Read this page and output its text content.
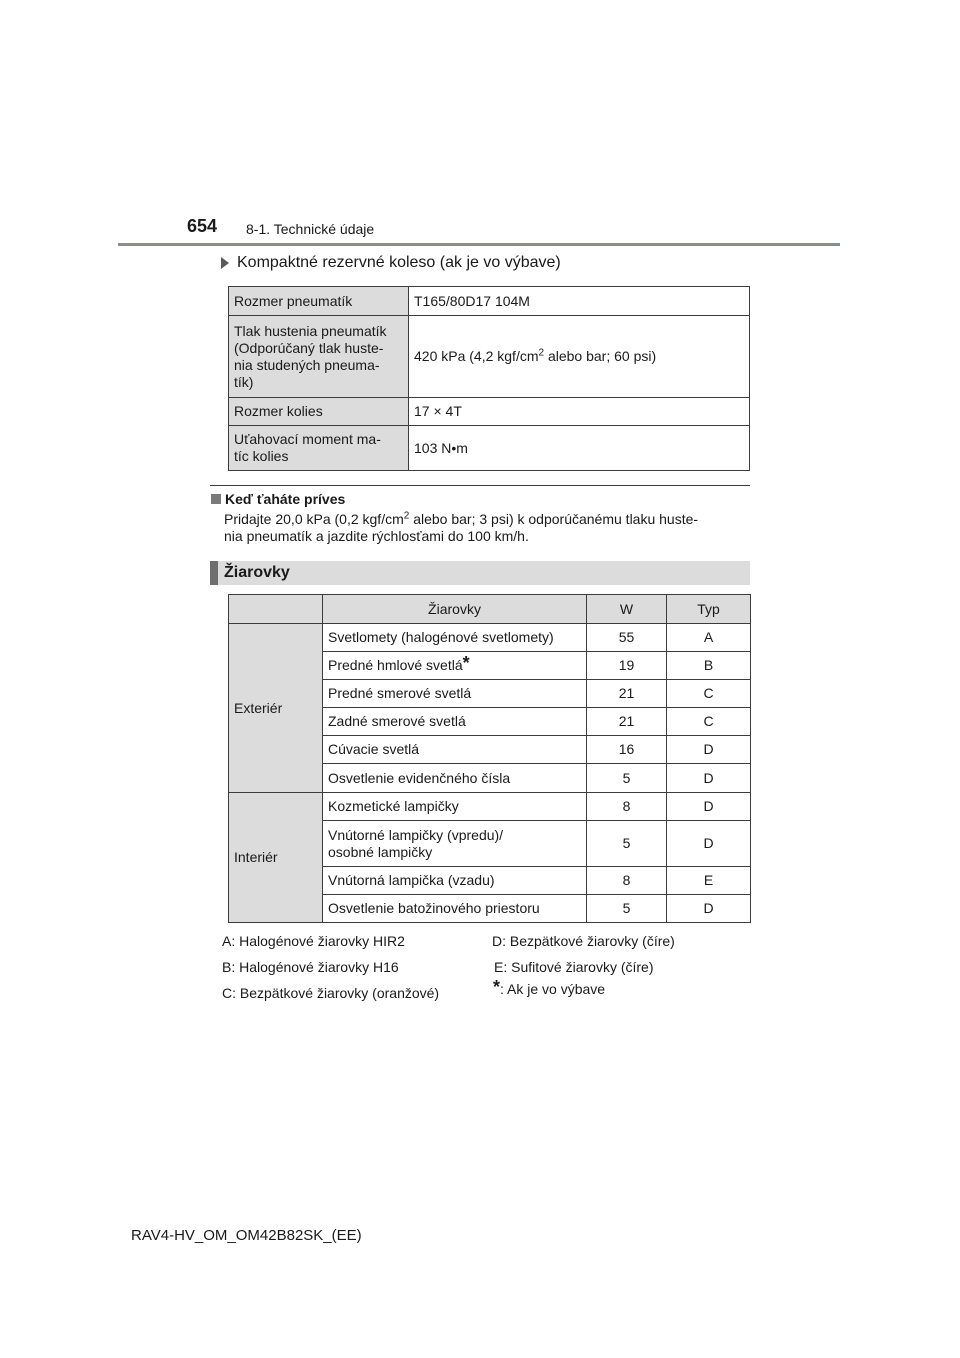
654 8-1. Technické údaje
Kompaktné rezervné koleso (ak je vo výbave)
Rozmer pneumatík	T165/80D17 104M
Tlak hustenia pneumatík
(Odporúčaný tlak huste-
nia studených pneuma-
tík)	420 kPa (4,2 kgf/$cm^2$ alebo bar; 60 psi)
Rozmer kolies	17 × 4T
Uťahovací moment ma-
tíc kolies	103 N•m
Keď ťaháte príves
Pridajte 20,0 kPa (0,2 kgf/$cm^2$ alebo bar; 3 psi) k odporúčanému tlaku huste-
nia pneumatík a jazdite rýchlosťami do 100 km/h.
Žiarovky
	Žiarovky	W	Typ
Exteriér	Svetlomety (halogénové svetlomety)	55	A
	Predné hmlové svetlá*	19	B
	Predné smerové svetlá	21	C
	Zadné smerové svetlá	21	C
	Cúvacie svetlá	16	D
	Osvetlenie evidenčného čísla	5	D
Interiér	Kozmetické lampičky	8	D
	Vnútorné lampičky (vpredu)/
osobné lampičky	5	D
	Vnútorná lampička (vzadu)	8	E
	Osvetlenie batožinového priestoru	5	D
A: Halogénové žiarovky HIR2
B: Halogénové žiarovky H16
C: Bezpätkové žiarovky (oranžové)
D: Bezpätkové žiarovky (číre)
E: Sufitové žiarovky (číre)
*: Ak je vo výbave
RAV4-HV_OM_OM42B82SK_(EE)
